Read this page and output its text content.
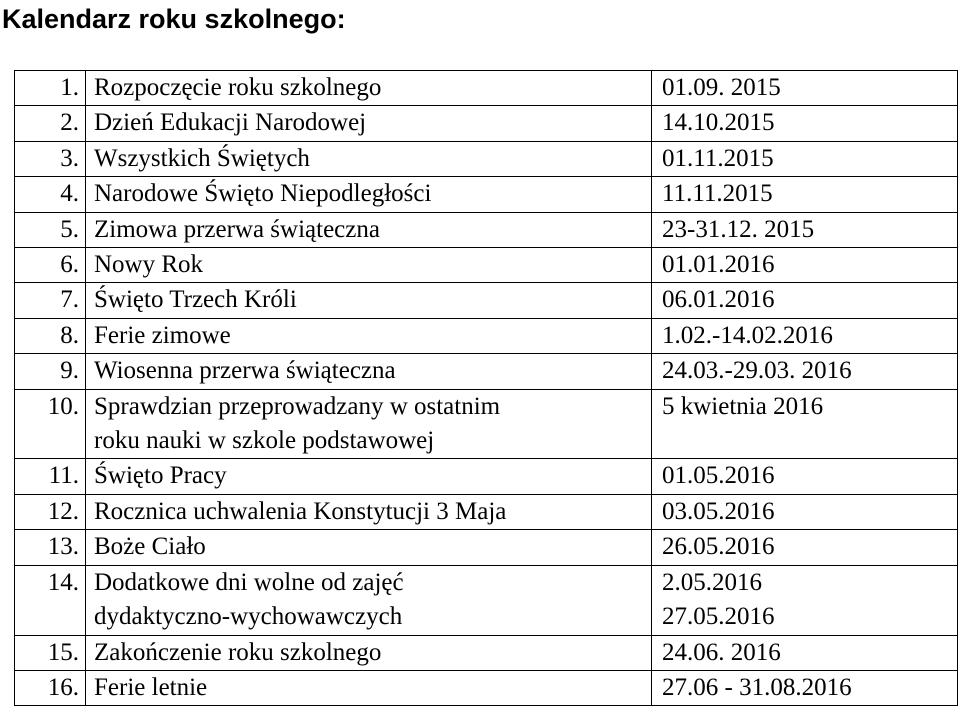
Kalendarz roku szkolnego:
1.	Rozpoczęcie roku szkolnego	01.09. 2015

2.	Dzień Edukacji Narodowej	14.10.2015

3.	Wszystkich Świętych	01.11.2015

4.	Narodowe Święto Niepodległości	11.11.2015

5.	Zimowa przerwa świąteczna	23-31.12. 2015

6.	Nowy Rok	01.01.2016

7.	Święto Trzech Króli	06.01.2016

8.	Ferie zimowe	1.02.-14.02.2016

9.	Wiosenna przerwa świąteczna	24.03.-29.03. 2016

10.	Sprawdzian przeprowadzany w ostatnim
roku nauki w szkole podstawowej	5 kwietnia 2016

11.	Święto Pracy	01.05.2016

12.	Rocznica uchwalenia Konstytucji 3 Maja	03.05.2016

13.	Boże Ciało	26.05.2016

14.	Dodatkowe dni wolne od zajęć
dydaktyczno-wychowawczych	2.05.2016
27.05.2016

15.	Zakończenie roku szkolnego	24.06. 2016

16.	Ferie letnie	27.06 - 31.08.2016
